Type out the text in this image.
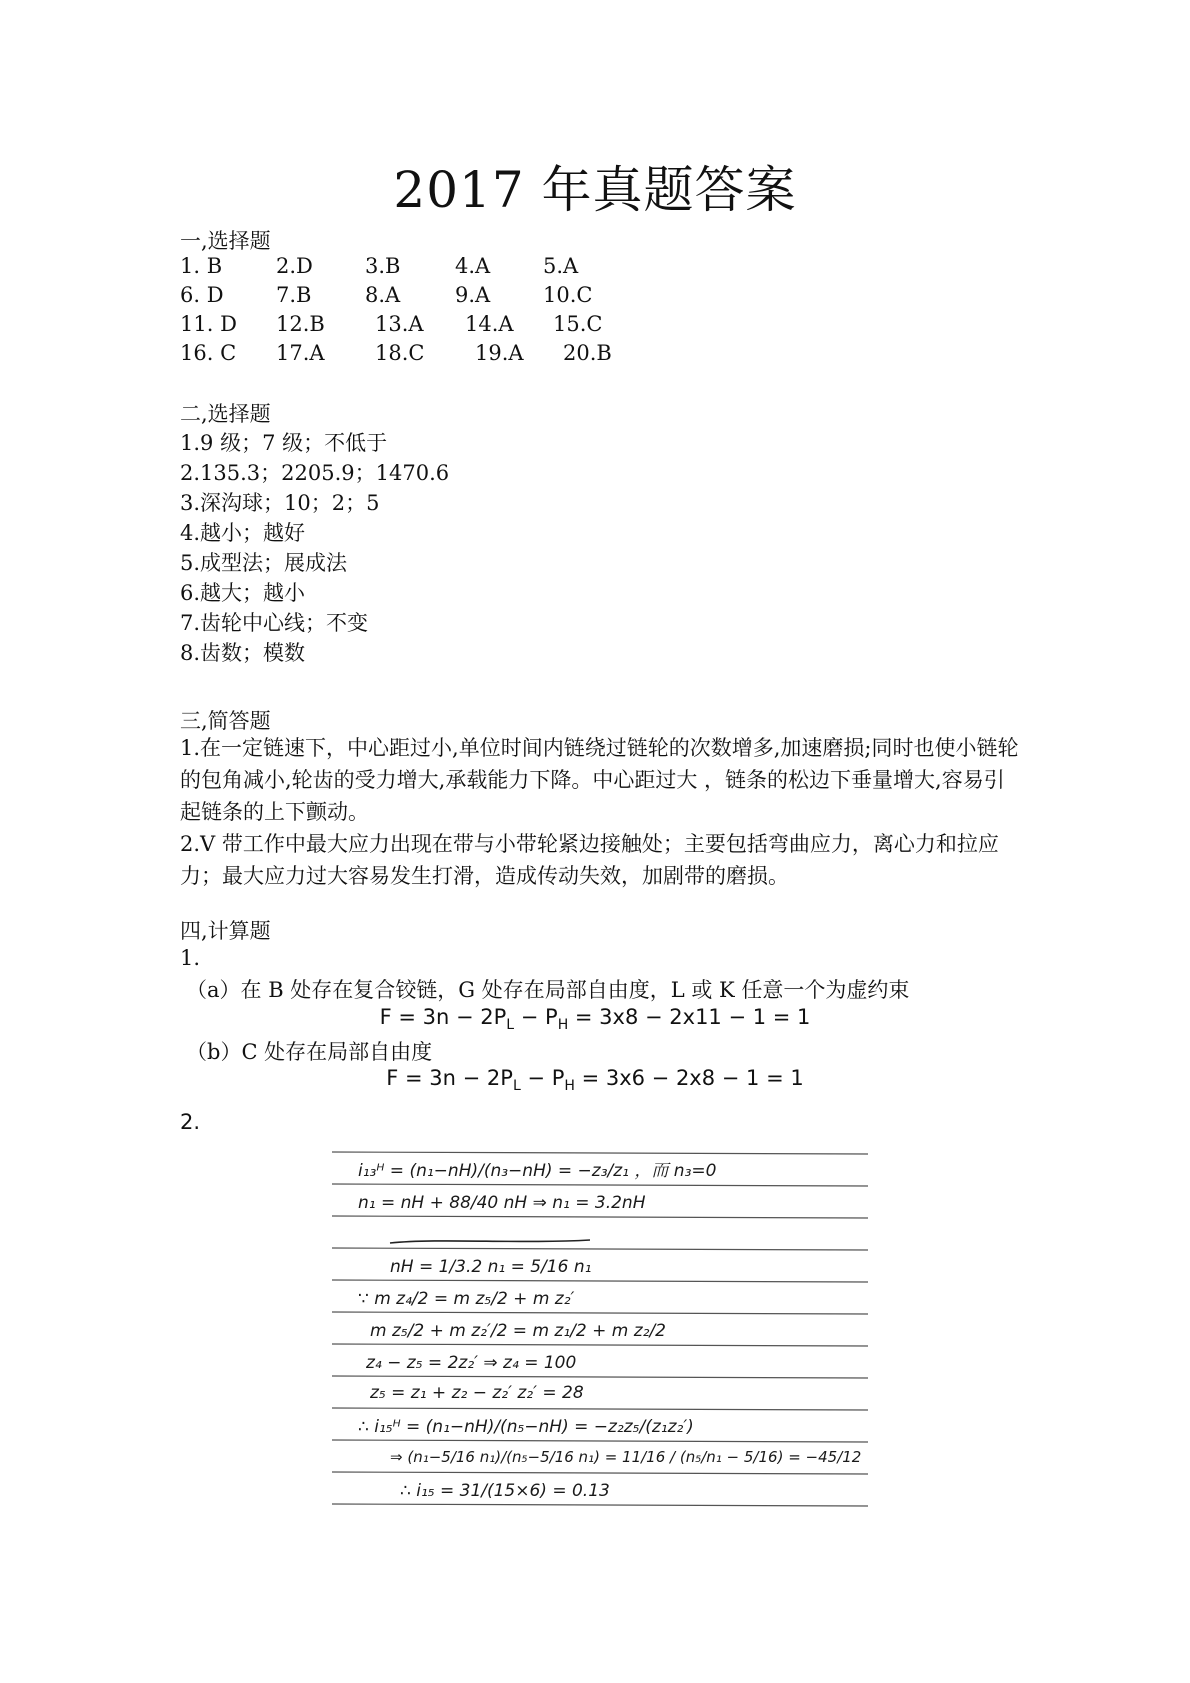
2017 年真题答案
一,选择题
1. B	2.D 3.B	4.A	5.A
6. D 7.B	8.A	9.A	10.C
11. D 12.B 13.A 14.A 15.C
16. C 17.A 18.C 19.A 20.B
二,选择题
1.9 级；7 级；不低于
2.135.3；2205.9；1470.6
3.深沟球；10；2；5
4.越小；越好
5.成型法；展成法
6.越大；越小
7.齿轮中心线；不变
8.齿数；模数
三,简答题
1.在一定链速下，中心距过小,单位时间内链绕过链轮的次数增多,加速磨损;同时也使小链轮的包角减小,轮齿的受力增大,承载能力下降。中心距过大 ，链条的松边下垂量增大,容易引起链条的上下颤动。
2.V 带工作中最大应力出现在带与小带轮紧边接触处；主要包括弯曲应力，离心力和拉应力；最大应力过大容易发生打滑，造成传动失效，加剧带的磨损。
四,计算题
1.
（a）在 B 处存在复合铰链，G 处存在局部自由度，L 或 K 任意一个为虚约束
$F = 3n - 2P_L - P_H = 3x8 - 2x11 - 1 = 1$
（b）C 处存在局部自由度
$F = 3n - 2P_L - P_H = 3x6 - 2x8 - 1 = 1$
2.
i₁₃ᴴ = (n₁−nH)/(n₃−nH) = −z₃/z₁ ，而 n₃=0
n₁ = nH + 88/40 nH ⇒ n₁ = 3.2nH
nH = 1/3.2 n₁ = 5/16 n₁
∵ m z₄/2 = m z₅/2 + m z₂′
m z₅/2 + m z₂′/2 = m z₁/2 + m z₂/2
z₄ − z₅ = 2z₂′ ⇒ z₄ = 100
z₅ = z₁ + z₂ − z₂′ z₂′ = 28
∴ i₁₅ᴴ = (n₁−nH)/(n₅−nH) = −z₂z₅/(z₁z₂′)
⇒ (n₁−5/16 n₁)/(n₅−5/16 n₁) = 11/16 / (n₅/n₁ − 5/16) = −45/12
∴ i₁₅ = 31/(15×6) = 0.13
